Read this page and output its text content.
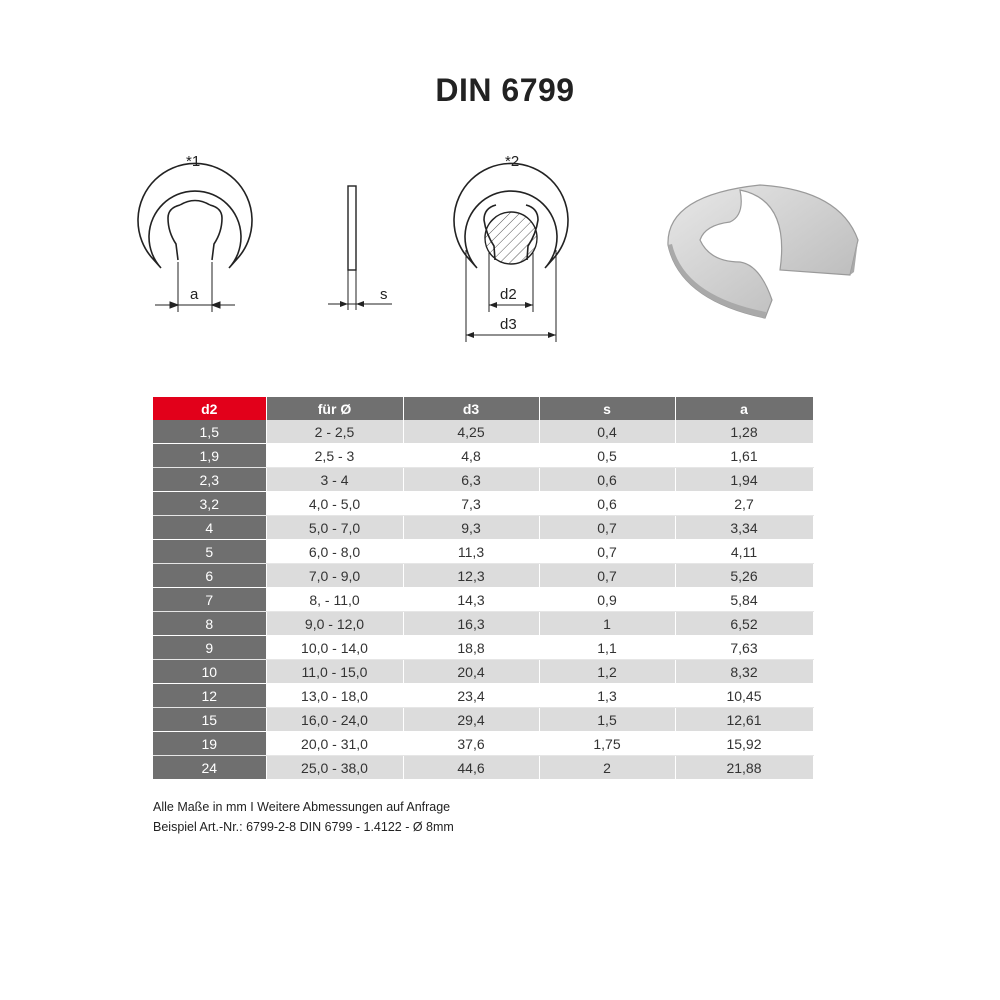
DIN 6799
*1
a	s
*2
d2
d3
d2	für Ø	d3	s	a
1,5	2 - 2,5	4,25	0,4	1,28
1,9	2,5 - 3	4,8	0,5	1,61
2,3	3 - 4	6,3	0,6	1,94
3,2	4,0 - 5,0	7,3	0,6	2,7
4	5,0 - 7,0	9,3	0,7	3,34
5	6,0 - 8,0	11,3	0,7	4,11
6	7,0 - 9,0	12,3	0,7	5,26
7	8, - 11,0	14,3	0,9	5,84
8	9,0 - 12,0	16,3	1	6,52
9	10,0 - 14,0	18,8	1,1	7,63
10	11,0 - 15,0	20,4	1,2	8,32
12	13,0 - 18,0	23,4	1,3	10,45
15	16,0 - 24,0	29,4	1,5	12,61
19	20,0 - 31,0	37,6	1,75	15,92
24	25,0 - 38,0	44,6	2	21,88
Alle Maße in mm I Weitere Abmessungen auf Anfrage
Beispiel Art.-Nr.: 6799-2-8 DIN 6799 - 1.4122 - Ø 8mm
